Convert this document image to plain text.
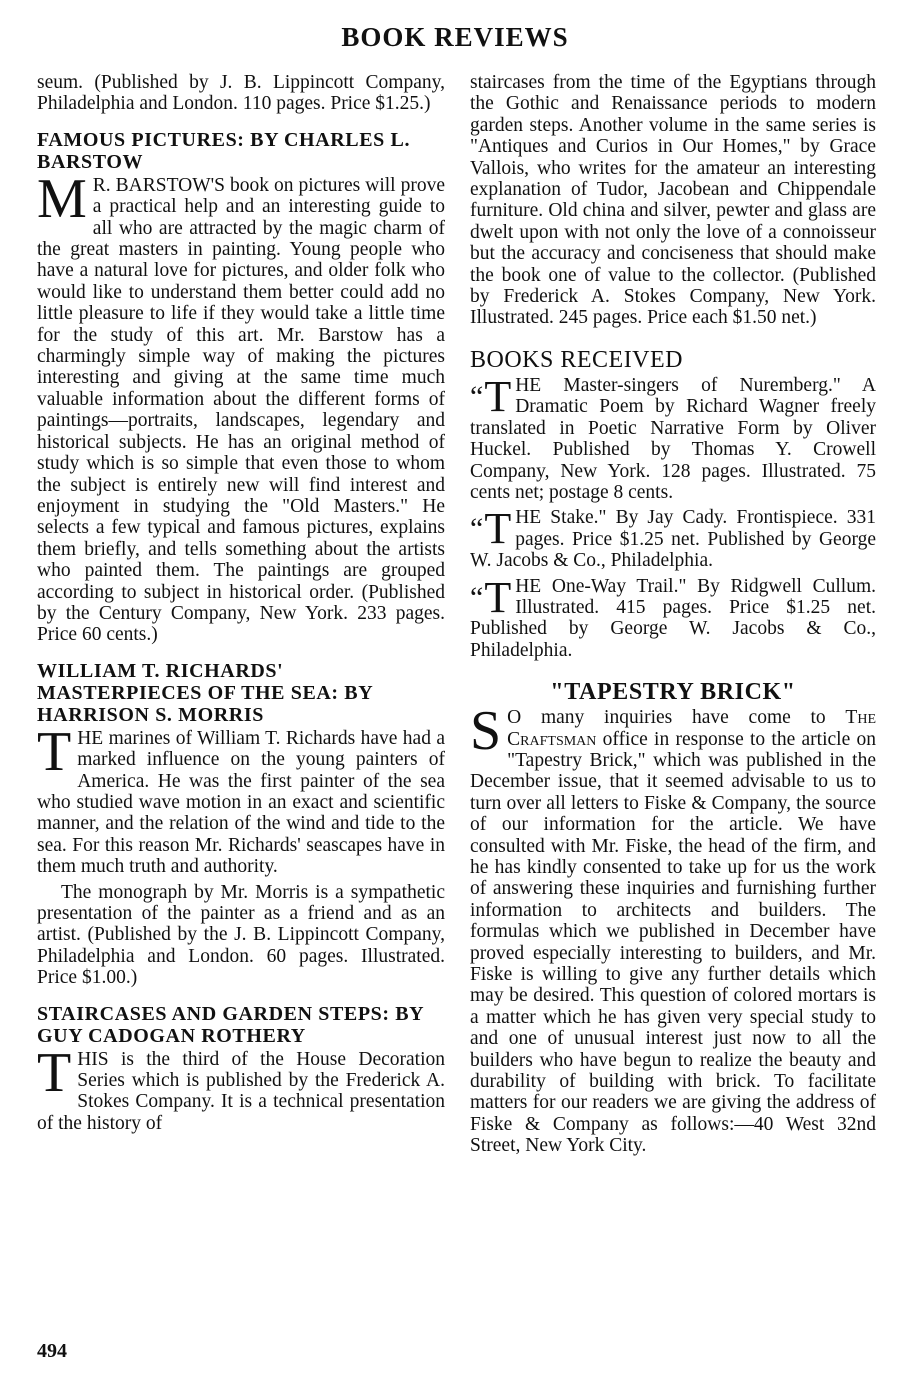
BOOK REVIEWS

seum. (Published by J. B. Lippincott Company, Philadelphia and London. 110 pages. Price $1.25.)

FAMOUS PICTURES: BY CHARLES L. BARSTOW

M R. BARSTOW'S book on pictures will prove a practical help and an interesting guide to all who are attracted by the magic charm of the great masters in painting. Young people who have a natural love for pictures, and older folk who would like to understand them better could add no little pleasure to life if they would take a little time for the study of this art. Mr. Barstow has a charmingly simple way of making the pictures interesting and giving at the same time much valuable information about the different forms of paintings—portraits, landscapes, legendary and historical subjects. He has an original method of study which is so simple that even those to whom the subject is entirely new will find interest and enjoyment in studying the "Old Masters." He selects a few typical and famous pictures, explains them briefly, and tells something about the artists who painted them. The paintings are grouped according to subject in historical order. (Published by the Century Company, New York. 233 pages. Price 60 cents.)

WILLIAM T. RICHARDS' MASTERPIECES OF THE SEA: BY HARRISON S. MORRIS

THE marines of William T. Richards have had a marked influence on the young painters of America. He was the first painter of the sea who studied wave motion in an exact and scientific manner, and the relation of the wind and tide to the sea. For this reason Mr. Richards' seascapes have in them much truth and authority.

The monograph by Mr. Morris is a sympathetic presentation of the painter as a friend and as an artist. (Published by the J. B. Lippincott Company, Philadelphia and London. 60 pages. Illustrated. Price $1.00.)

STAIRCASES AND GARDEN STEPS: BY GUY CADOGAN ROTHERY

THIS is the third of the House Decoration Series which is published by the Frederick A. Stokes Company. It is a technical presentation of the history of

staircases from the time of the Egyptians through the Gothic and Renaissance periods to modern garden steps. Another volume in the same series is "Antiques and Curios in Our Homes," by Grace Vallois, who writes for the amateur an interesting explanation of Tudor, Jacobean and Chippendale furniture. Old china and silver, pewter and glass are dwelt upon with not only the love of a connoisseur but the accuracy and conciseness that should make the book one of value to the collector. (Published by Frederick A. Stokes Company, New York. Illustrated. 245 pages. Price each $1.50 net.)

BOOKS RECEIVED

“T HE Master-singers of Nuremberg." A Dramatic Poem by Richard Wagner freely translated in Poetic Narrative Form by Oliver Huckel. Published by Thomas Y. Crowell Company, New York. 128 pages. Illustrated. 75 cents net; postage 8 cents.

“T HE Stake." By Jay Cady. Frontispiece. 331 pages. Price $1.25 net. Published by George W. Jacobs & Co., Philadelphia.

“T HE One-Way Trail." By Ridgwell Cullum. Illustrated. 415 pages. Price $1.25 net. Published by George W. Jacobs & Co., Philadelphia.

"TAPESTRY BRICK"

S O many inquiries have come to The Craftsman office in response to the article on "Tapestry Brick," which was published in the December issue, that it seemed advisable to us to turn over all letters to Fiske & Company, the source of our information for the article. We have consulted with Mr. Fiske, the head of the firm, and he has kindly consented to take up for us the work of answering these inquiries and furnishing further information to architects and builders. The formulas which we published in December have proved especially interesting to builders, and Mr. Fiske is willing to give any further details which may be desired. This question of colored mortars is a matter which he has given very special study to and one of unusual interest just now to all the builders who have begun to realize the beauty and durability of building with brick. To facilitate matters for our readers we are giving the address of Fiske & Company as follows:—40 West 32nd Street, New York City.

494
